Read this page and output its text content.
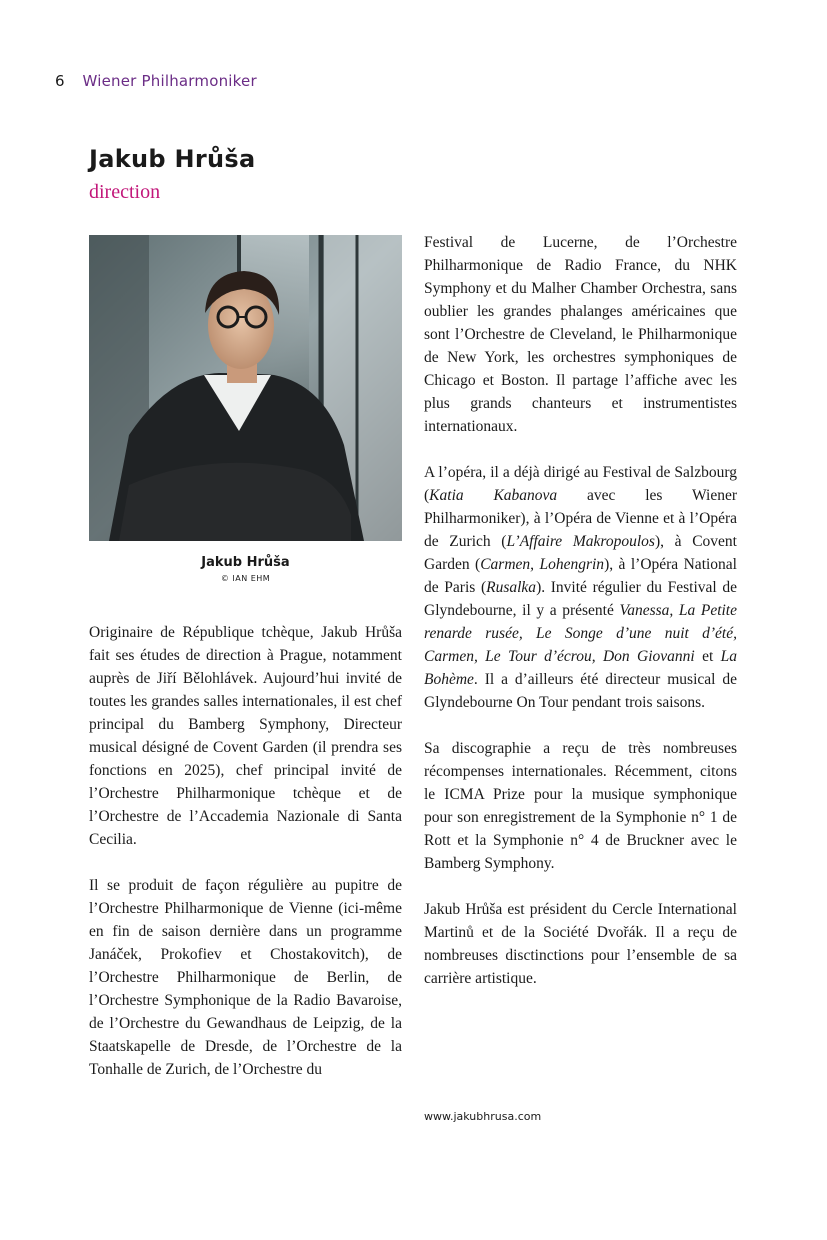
6 Wiener Philharmoniker
Jakub Hrůša
direction
Jakub Hrůša
© IAN EHM

Originaire de République tchèque, Jakub Hrůša fait ses études de direction à Prague, notamment auprès de Jiří Bělohlávek. Aujourd’hui invité de toutes les grandes salles internationales, il est chef principal du Bamberg Symphony, Directeur musical désigné de Covent Garden (il prendra ses fonctions en 2025), chef principal invité de l’Orchestre Philharmonique tchèque et de l’Orchestre de l’Accademia Nazionale di Santa Cecilia.

Il se produit de façon régulière au pupitre de l’Orchestre Philharmonique de Vienne (ici-même en fin de saison dernière dans un programme Janáček, Prokofiev et Chostakovitch), de l’Orchestre Philharmonique de Berlin, de l’Orchestre Symphonique de la Radio Bavaroise, de l’Orchestre du Gewandhaus de Leipzig, de la Staatskapelle de Dresde, de l’Orchestre de la Tonhalle de Zurich, de l’Orchestre du

Festival de Lucerne, de l’Orchestre Philharmonique de Radio France, du NHK Symphony et du Malher Chamber Orchestra, sans oublier les grandes phalanges américaines que sont l’Orchestre de Cleveland, le Philharmonique de New York, les orchestres symphoniques de Chicago et Boston. Il partage l’affiche avec les plus grands chanteurs et instrumentistes internationaux.

A l’opéra, il a déjà dirigé au Festival de Salzbourg (Katia Kabanova avec les Wiener Philharmoniker), à l’Opéra de Vienne et à l’Opéra de Zurich (L’Affaire Makropoulos), à Covent Garden (Carmen, Lohengrin), à l’Opéra National de Paris (Rusalka). Invité régulier du Festival de Glyndebourne, il y a présenté Vanessa, La Petite renarde rusée, Le Songe d’une nuit d’été, Carmen, Le Tour d’écrou, Don Giovanni et La Bohème. Il a d’ailleurs été directeur musical de Glyndebourne On Tour pendant trois saisons.

Sa discographie a reçu de très nombreuses récompenses internationales. Récemment, citons le ICMA Prize pour la musique symphonique pour son enregistrement de la Symphonie n° 1 de Rott et la Symphonie n° 4 de Bruckner avec le Bamberg Symphony.

Jakub Hrůša est président du Cercle International Martinů et de la Société Dvořák. Il a reçu de nombreuses disctinctions pour l’ensemble de sa carrière artistique.

www.jakubhrusa.com
